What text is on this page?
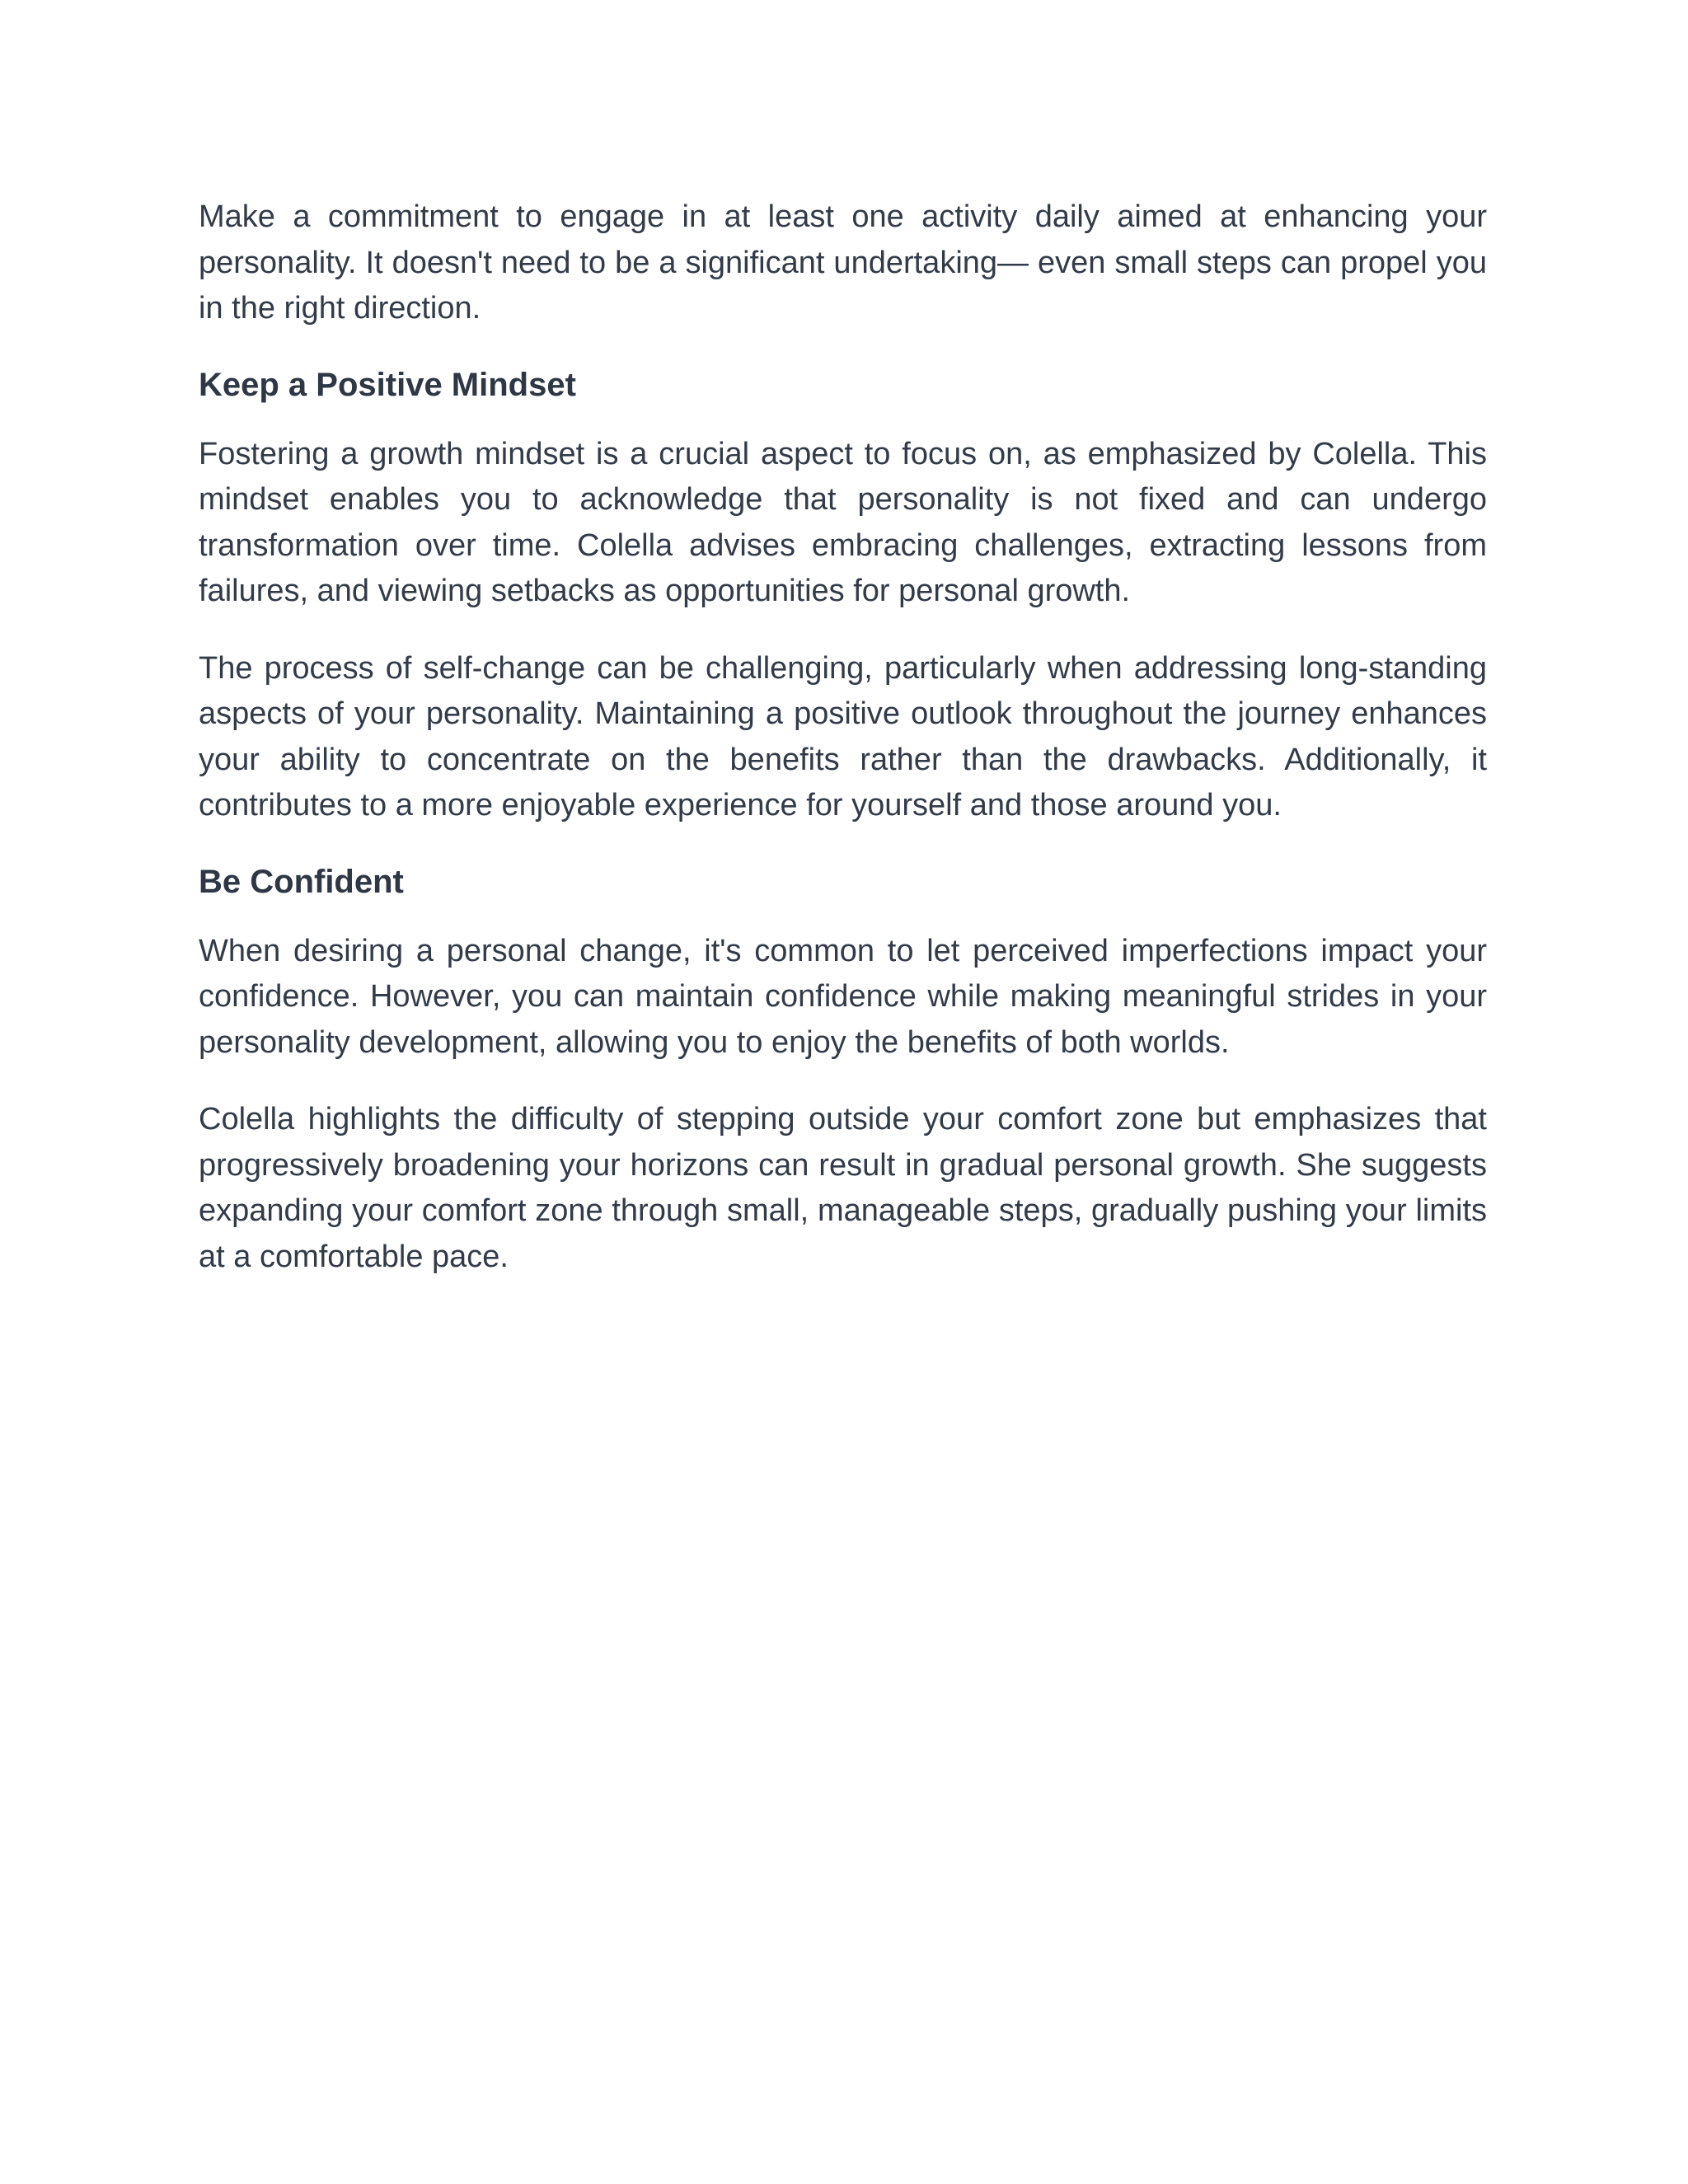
Make a commitment to engage in at least one activity daily aimed at enhancing your personality. It doesn't need to be a significant undertaking— even small steps can propel you in the right direction.

Keep a Positive Mindset

Fostering a growth mindset is a crucial aspect to focus on, as emphasized by Colella. This mindset enables you to acknowledge that personality is not fixed and can undergo transformation over time. Colella advises embracing challenges, extracting lessons from failures, and viewing setbacks as opportunities for personal growth.

The process of self-change can be challenging, particularly when addressing long-standing aspects of your personality. Maintaining a positive outlook throughout the journey enhances your ability to concentrate on the benefits rather than the drawbacks. Additionally, it contributes to a more enjoyable experience for yourself and those around you.

Be Confident

When desiring a personal change, it's common to let perceived imperfections impact your confidence. However, you can maintain confidence while making meaningful strides in your personality development, allowing you to enjoy the benefits of both worlds.

Colella highlights the difficulty of stepping outside your comfort zone but emphasizes that progressively broadening your horizons can result in gradual personal growth. She suggests expanding your comfort zone through small, manageable steps, gradually pushing your limits at a comfortable pace.
